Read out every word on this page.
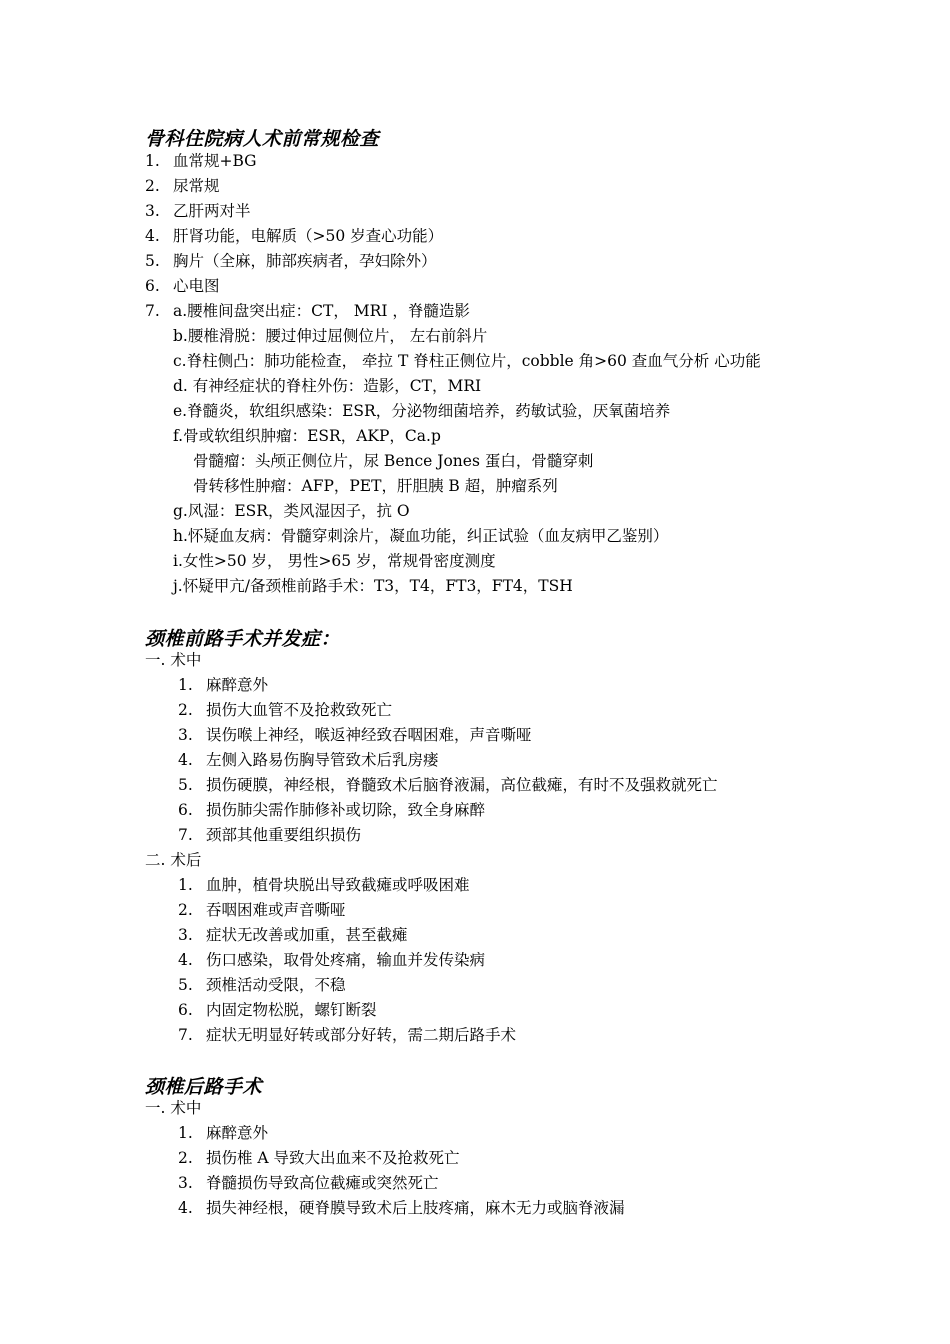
骨科住院病人术前常规检查
1. 血常规+BG
2. 尿常规
3. 乙肝两对半
4. 肝肾功能，电解质（>50 岁查心功能）
5. 胸片（全麻，肺部疾病者，孕妇除外）
6. 心电图
7. a.腰椎间盘突出症：CT， MRI ，脊髓造影
b.腰椎滑脱：腰过伸过屈侧位片， 左右前斜片
c.脊柱侧凸：肺功能检查， 牵拉 T 脊柱正侧位片，cobble 角>60 查血气分析 心功能
d. 有神经症状的脊柱外伤：造影，CT，MRI
e.脊髓炎，软组织感染：ESR，分泌物细菌培养，药敏试验，厌氧菌培养
f.骨或软组织肿瘤：ESR，AKP，Ca.p
骨髓瘤：头颅正侧位片，尿 Bence Jones 蛋白，骨髓穿刺
骨转移性肿瘤：AFP，PET，肝胆胰 B 超，肿瘤系列
g.风湿：ESR，类风湿因子，抗 O
h.怀疑血友病：骨髓穿刺涂片，凝血功能，纠正试验（血友病甲乙鉴别）
i.女性>50 岁， 男性>65 岁，常规骨密度测度
j.怀疑甲亢/备颈椎前路手术：T3，T4，FT3，FT4，TSH
颈椎前路手术并发症：
一. 术中
1. 麻醉意外
2. 损伤大血管不及抢救致死亡
3. 误伤喉上神经，喉返神经致吞咽困难，声音嘶哑
4. 左侧入路易伤胸导管致术后乳房瘘
5. 损伤硬膜，神经根，脊髓致术后脑脊液漏，高位截瘫，有时不及强救就死亡
6. 损伤肺尖需作肺修补或切除，致全身麻醉
7. 颈部其他重要组织损伤
二. 术后
1. 血肿，植骨块脱出导致截瘫或呼吸困难
2. 吞咽困难或声音嘶哑
3. 症状无改善或加重，甚至截瘫
4. 伤口感染，取骨处疼痛，输血并发传染病
5. 颈椎活动受限，不稳
6. 内固定物松脱，螺钉断裂
7. 症状无明显好转或部分好转，需二期后路手术
颈椎后路手术
一. 术中
1. 麻醉意外
2. 损伤椎 A 导致大出血来不及抢救死亡
3. 脊髓损伤导致高位截瘫或突然死亡
4. 损失神经根，硬脊膜导致术后上肢疼痛，麻木无力或脑脊液漏
